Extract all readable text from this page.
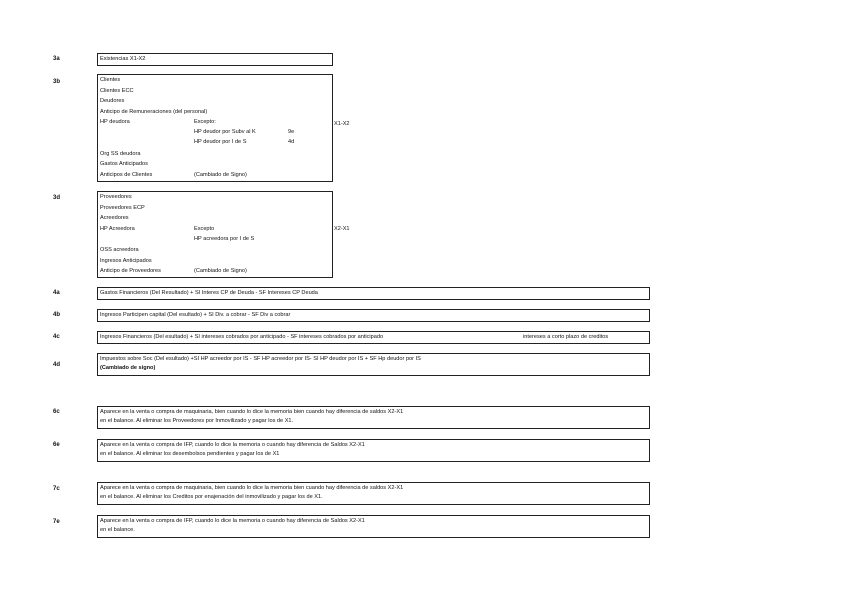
3a	Existencias X1-X2
3b	Clientes
Clientes ECC
Deudores
Anticipo de Remuneraciones (del personal)
HP deudora	Excepto:
HP deudor por Subv al K	9e
HP deudor por I de S	4d
Org SS deudora
Gastos Anticipados
Anticipos de Clientes	(Cambiado de Signo)
X1-X2
3d	Proveedores
Proveedores ECP
Acreedores
HP Acreedora	Excepto
HP acreedora por I de S
OSS acreedora
Ingresos Anticipados
Anticipo de Proveedores	(Cambiado de Signo)
X2-X1
4a	Gastos Financieros (Del Resultado) + SI Interes CP de Deuda - SF Intereses CP Deuda
4b	Ingresos Participen capital (Del esultado) + SI Div. a cobrar - SF Div a cobrar
4c	Ingresos Financieros (Del esultado) + SI intereses cobrados por anticipado - SF intereses cobrados por anticipado	intereses a corto plazo de creditos
4d
Impuestos sobre Soc (Del esultado) +SI HP acreedor por IS - SF HP acreedor por IS- SI HP deudor por IS + SF Hp deudor por IS
(Cambiado de signo)
6c	Aparece en la venta o compra de maquinaria, bien cuando lo dice la memoria bien cuando hay diferencia de saldos X2-X1
en el balance. Al eliminar los Proveedores por Inmovilizado y pagar los de X1.
6e	Aparece en la venta o compra de IFP, cuando lo dice la memoria o cuando hay diferencia de Saldos X2-X1
en el balance. Al eliminar los desembolsos pendientes y pagar los de X1
7c	Aparece en la venta o compra de maquinaria, bien cuando lo dice la memoria bien cuando hay diferencia de saldos X2-X1
en el balance. Al eliminar los Creditos por enajenación del inmovilizado y pagar los de X1.
7e	Aparece en la venta o compra de IFP, cuando lo dice la memoria o cuando hay diferencia de Saldos X2-X1
en el balance.
